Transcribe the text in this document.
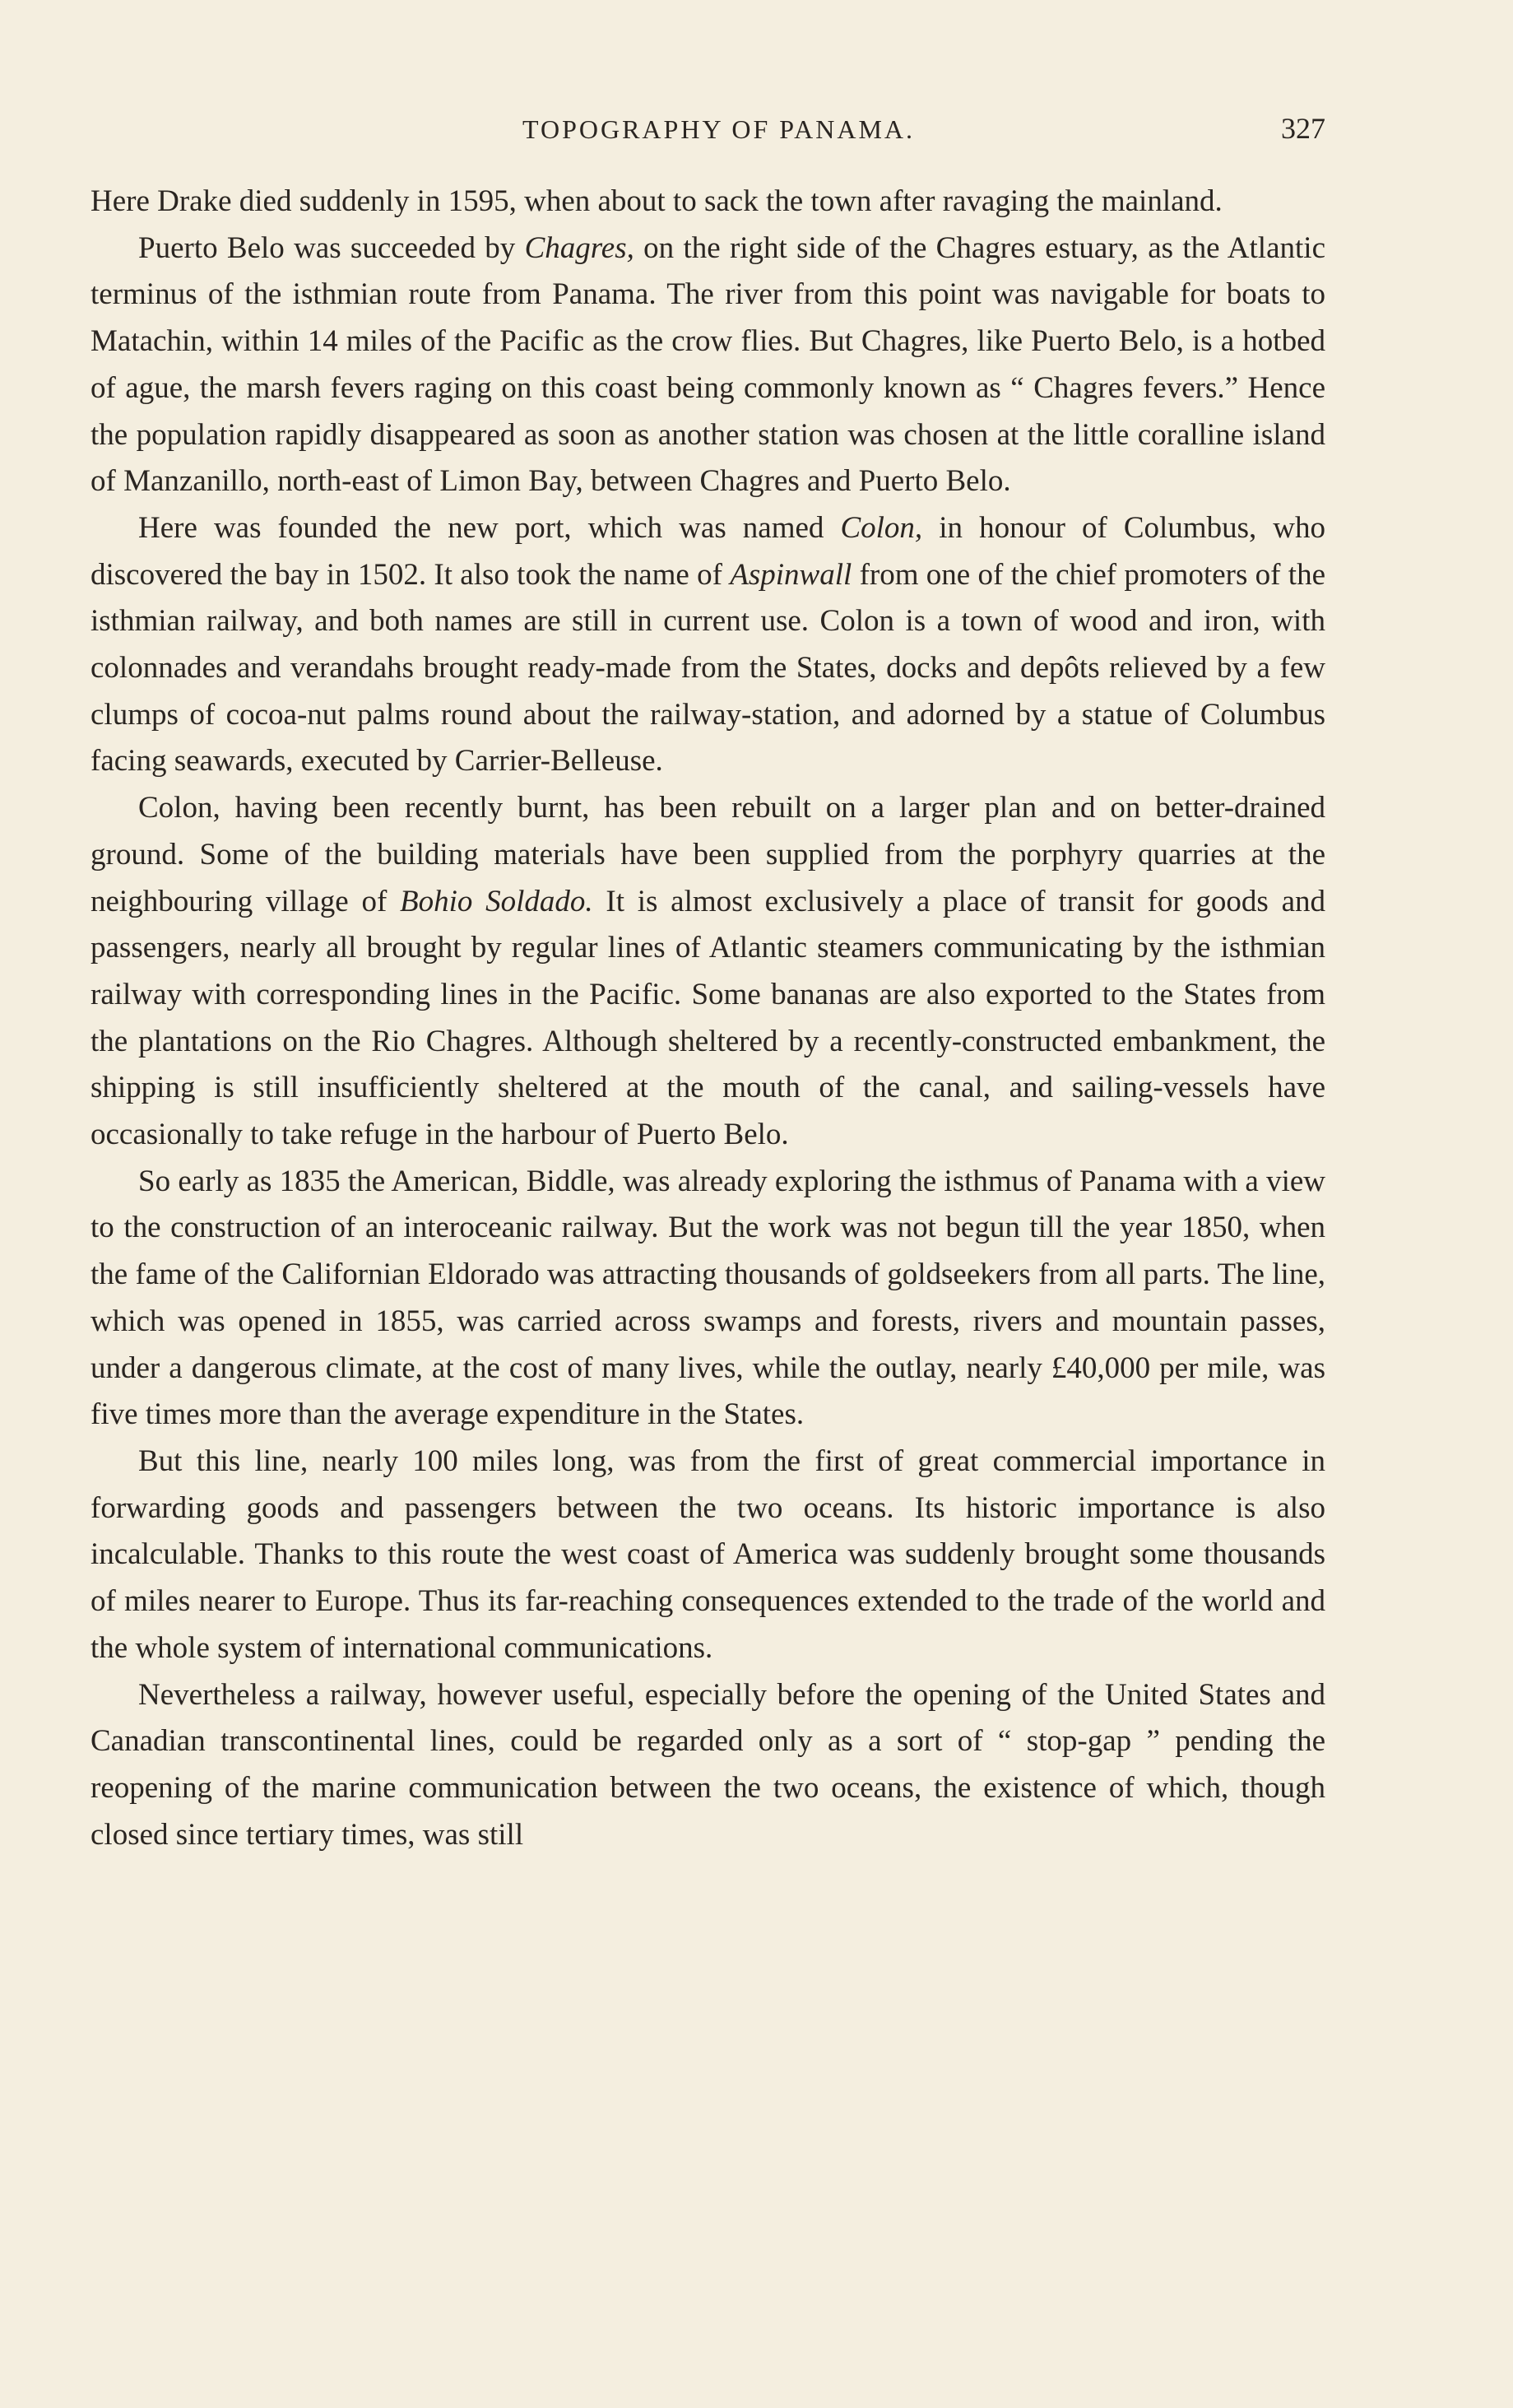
TOPOGRAPHY OF PANAMA.	327

Here Drake died suddenly in 1595, when about to sack the town after ravaging the mainland.

Puerto Belo was succeeded by Chagres, on the right side of the Chagres estuary, as the Atlantic terminus of the isthmian route from Panama. The river from this point was navigable for boats to Matachin, within 14 miles of the Pacific as the crow flies. But Chagres, like Puerto Belo, is a hotbed of ague, the marsh fevers raging on this coast being commonly known as “ Chagres fevers.” Hence the population rapidly disappeared as soon as another station was chosen at the little coralline island of Manzanillo, north-east of Limon Bay, between Chagres and Puerto Belo.

Here was founded the new port, which was named Colon, in honour of Columbus, who discovered the bay in 1502. It also took the name of Aspinwall from one of the chief promoters of the isthmian railway, and both names are still in current use. Colon is a town of wood and iron, with colonnades and verandahs brought ready-made from the States, docks and depôts relieved by a few clumps of cocoa-nut palms round about the railway-station, and adorned by a statue of Columbus facing seawards, executed by Carrier-Belleuse.

Colon, having been recently burnt, has been rebuilt on a larger plan and on better-drained ground. Some of the building materials have been supplied from the porphyry quarries at the neighbouring village of Bohio Soldado. It is almost exclusively a place of transit for goods and passengers, nearly all brought by regular lines of Atlantic steamers communicating by the isthmian railway with corresponding lines in the Pacific. Some bananas are also exported to the States from the plantations on the Rio Chagres. Although sheltered by a recently-constructed embankment, the shipping is still insufficiently sheltered at the mouth of the canal, and sailing-vessels have occasionally to take refuge in the harbour of Puerto Belo.

So early as 1835 the American, Biddle, was already exploring the isthmus of Panama with a view to the construction of an interoceanic railway. But the work was not begun till the year 1850, when the fame of the Californian Eldorado was attracting thousands of goldseekers from all parts. The line, which was opened in 1855, was carried across swamps and forests, rivers and mountain passes, under a dangerous climate, at the cost of many lives, while the outlay, nearly £40,000 per mile, was five times more than the average expenditure in the States.

But this line, nearly 100 miles long, was from the first of great commercial importance in forwarding goods and passengers between the two oceans. Its historic importance is also incalculable. Thanks to this route the west coast of America was suddenly brought some thousands of miles nearer to Europe. Thus its far-reaching consequences extended to the trade of the world and the whole system of international communications.

Nevertheless a railway, however useful, especially before the opening of the United States and Canadian transcontinental lines, could be regarded only as a sort of “ stop-gap ” pending the reopening of the marine communication between the two oceans, the existence of which, though closed since tertiary times, was still
